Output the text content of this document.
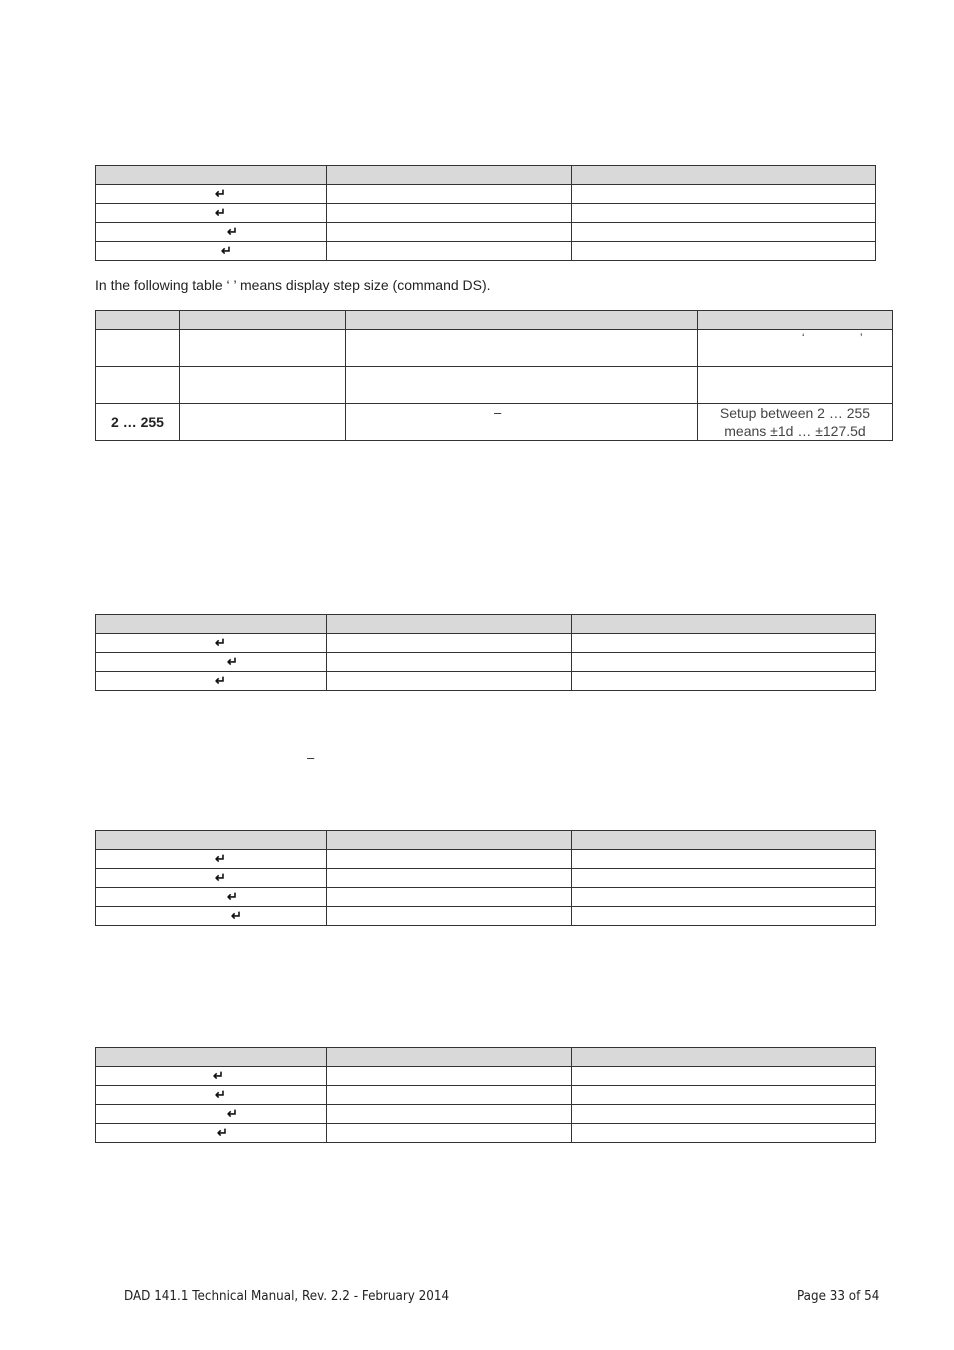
↵		

↵		

↵		

↵		

In the following table ‘ ’ means display step size (command DS).

			‘ ’

2 … 255		–	Setup between 2 … 255
means ±1d … ±127.5d

↵		

↵		

↵		

–

↵		

↵		

↵		

↵		

↵		

↵		

↵		

↵		

DAD 141.1 Technical Manual, Rev. 2.2 - February 2014	Page 33 of 54
